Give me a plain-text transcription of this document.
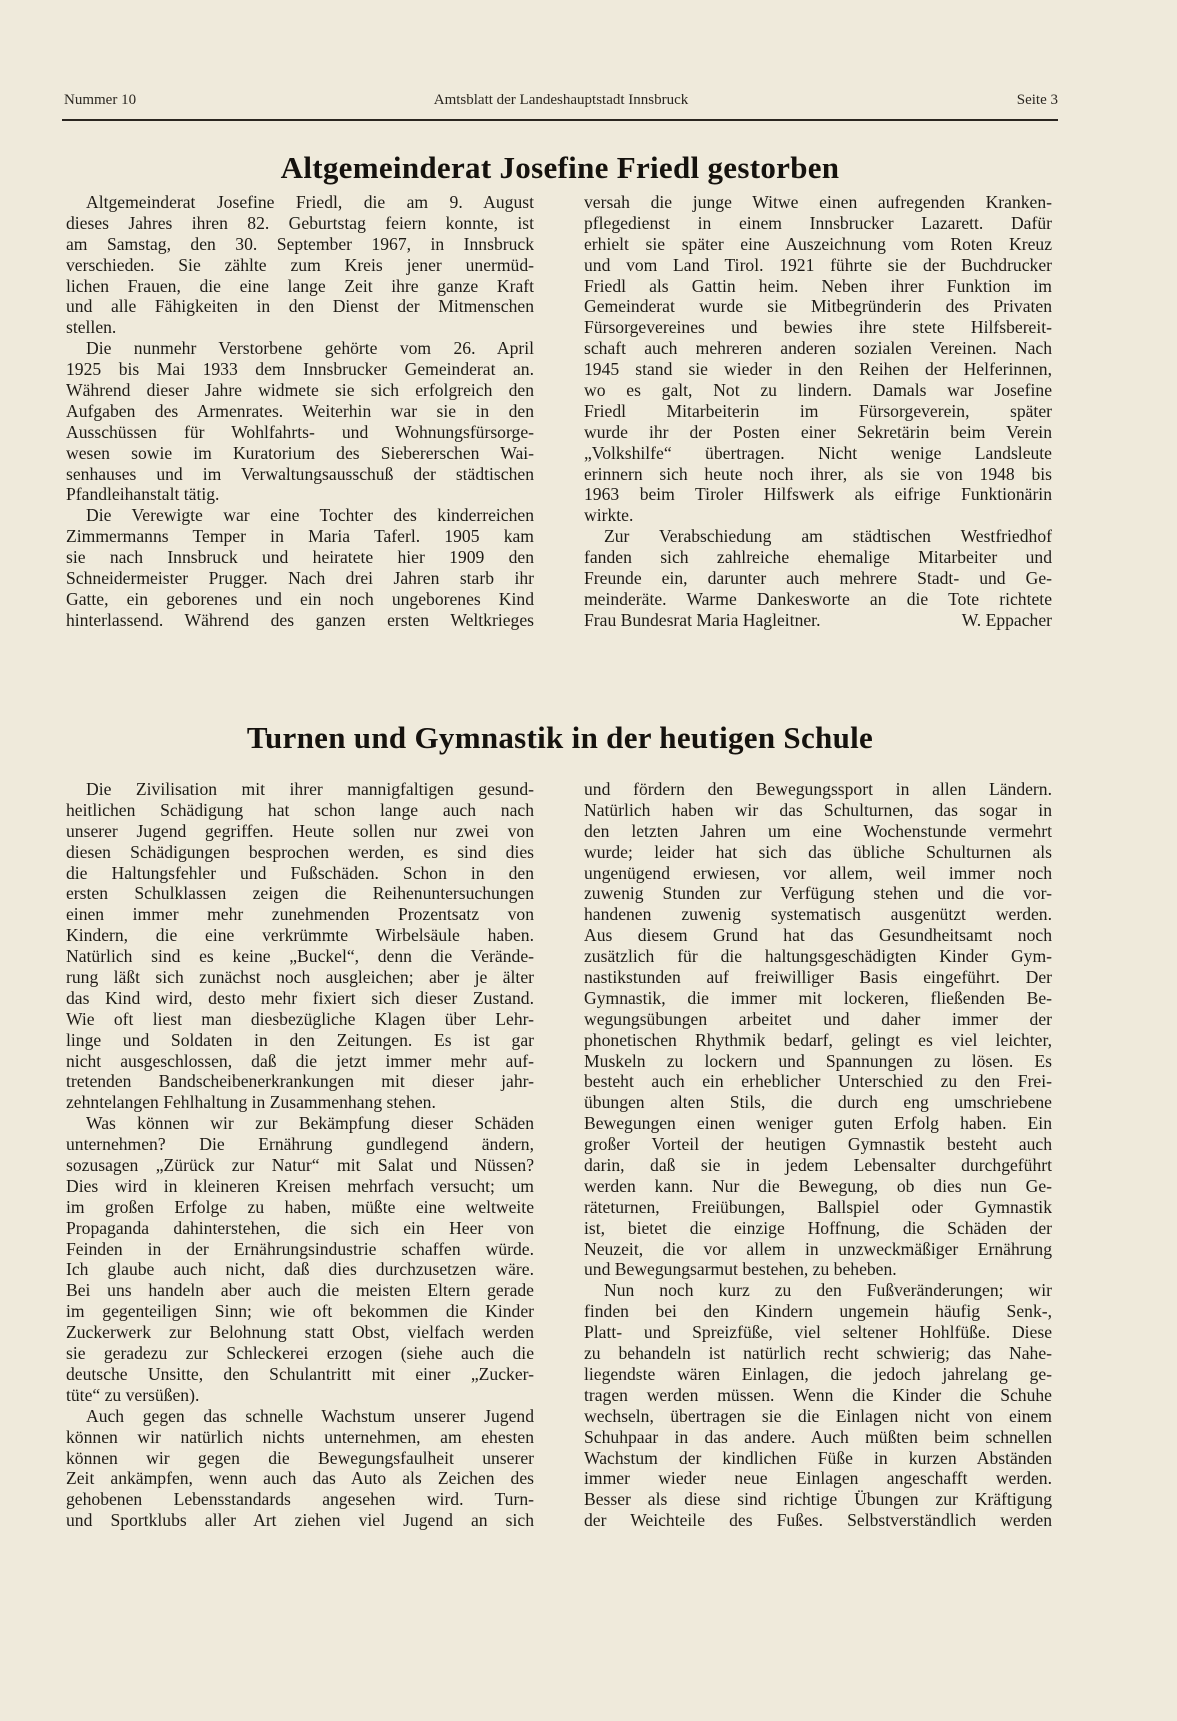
Nummer 10	Amtsblatt der Landeshauptstadt Innsbruck	Seite 3
Altgemeinderat Josefine Friedl gestorben
Altgemeinderat Josefine Friedl, die am 9. August
dieses Jahres ihren 82. Geburtstag feiern konnte, ist
am Samstag, den 30. September 1967, in Innsbruck
verschieden. Sie zählte zum Kreis jener unermüd-
lichen Frauen, die eine lange Zeit ihre ganze Kraft
und alle Fähigkeiten in den Dienst der Mitmenschen
stellen.
Die nunmehr Verstorbene gehörte vom 26. April
1925 bis Mai 1933 dem Innsbrucker Gemeinderat an.
Während dieser Jahre widmete sie sich erfolgreich den
Aufgaben des Armenrates. Weiterhin war sie in den
Ausschüssen für Wohlfahrts- und Wohnungsfürsorge-
wesen sowie im Kuratorium des Siebererschen Wai-
senhauses und im Verwaltungsausschuß der städtischen
Pfandleihanstalt tätig.
Die Verewigte war eine Tochter des kinderreichen
Zimmermanns Temper in Maria Taferl. 1905 kam
sie nach Innsbruck und heiratete hier 1909 den
Schneidermeister Prugger. Nach drei Jahren starb ihr
Gatte, ein geborenes und ein noch ungeborenes Kind
hinterlassend. Während des ganzen ersten Weltkrieges
versah die junge Witwe einen aufregenden Kranken-
pflegedienst in einem Innsbrucker Lazarett. Dafür
erhielt sie später eine Auszeichnung vom Roten Kreuz
und vom Land Tirol. 1921 führte sie der Buchdrucker
Friedl als Gattin heim. Neben ihrer Funktion im
Gemeinderat wurde sie Mitbegründerin des Privaten
Fürsorgevereines und bewies ihre stete Hilfsbereit-
schaft auch mehreren anderen sozialen Vereinen. Nach
1945 stand sie wieder in den Reihen der Helferinnen,
wo es galt, Not zu lindern. Damals war Josefine
Friedl Mitarbeiterin im Fürsorgeverein, später
wurde ihr der Posten einer Sekretärin beim Verein
„Volkshilfe“ übertragen. Nicht wenige Landsleute
erinnern sich heute noch ihrer, als sie von 1948 bis
1963 beim Tiroler Hilfswerk als eifrige Funktionärin
wirkte.
Zur Verabschiedung am städtischen Westfriedhof
fanden sich zahlreiche ehemalige Mitarbeiter und
Freunde ein, darunter auch mehrere Stadt- und Ge-
meinderäte. Warme Dankesworte an die Tote richtete
Frau Bundesrat Maria Hagleitner.	W. Eppacher
Turnen und Gymnastik in der heutigen Schule
Die Zivilisation mit ihrer mannigfaltigen gesund-
heitlichen Schädigung hat schon lange auch nach
unserer Jugend gegriffen. Heute sollen nur zwei von
diesen Schädigungen besprochen werden, es sind dies
die Haltungsfehler und Fußschäden. Schon in den
ersten Schulklassen zeigen die Reihenuntersuchungen
einen immer mehr zunehmenden Prozentsatz von
Kindern, die eine verkrümmte Wirbelsäule haben.
Natürlich sind es keine „Buckel“, denn die Verände-
rung läßt sich zunächst noch ausgleichen; aber je älter
das Kind wird, desto mehr fixiert sich dieser Zustand.
Wie oft liest man diesbezügliche Klagen über Lehr-
linge und Soldaten in den Zeitungen. Es ist gar
nicht ausgeschlossen, daß die jetzt immer mehr auf-
tretenden Bandscheibenerkrankungen mit dieser jahr-
zehntelangen Fehlhaltung in Zusammenhang stehen.
Was können wir zur Bekämpfung dieser Schäden
unternehmen? Die Ernährung gundlegend ändern,
sozusagen „Zürück zur Natur“ mit Salat und Nüssen?
Dies wird in kleineren Kreisen mehrfach versucht; um
im großen Erfolge zu haben, müßte eine weltweite
Propaganda dahinterstehen, die sich ein Heer von
Feinden in der Ernährungsindustrie schaffen würde.
Ich glaube auch nicht, daß dies durchzusetzen wäre.
Bei uns handeln aber auch die meisten Eltern gerade
im gegenteiligen Sinn; wie oft bekommen die Kinder
Zuckerwerk zur Belohnung statt Obst, vielfach werden
sie geradezu zur Schleckerei erzogen (siehe auch die
deutsche Unsitte, den Schulantritt mit einer „Zucker-
tüte“ zu versüßen).
Auch gegen das schnelle Wachstum unserer Jugend
können wir natürlich nichts unternehmen, am ehesten
können wir gegen die Bewegungsfaulheit unserer
Zeit ankämpfen, wenn auch das Auto als Zeichen des
gehobenen Lebensstandards angesehen wird. Turn-
und Sportklubs aller Art ziehen viel Jugend an sich
und fördern den Bewegungssport in allen Ländern.
Natürlich haben wir das Schulturnen, das sogar in
den letzten Jahren um eine Wochenstunde vermehrt
wurde; leider hat sich das übliche Schulturnen als
ungenügend erwiesen, vor allem, weil immer noch
zuwenig Stunden zur Verfügung stehen und die vor-
handenen zuwenig systematisch ausgenützt werden.
Aus diesem Grund hat das Gesundheitsamt noch
zusätzlich für die haltungsgeschädigten Kinder Gym-
nastikstunden auf freiwilliger Basis eingeführt. Der
Gymnastik, die immer mit lockeren, fließenden Be-
wegungsübungen arbeitet und daher immer der
phonetischen Rhythmik bedarf, gelingt es viel leichter,
Muskeln zu lockern und Spannungen zu lösen. Es
besteht auch ein erheblicher Unterschied zu den Frei-
übungen alten Stils, die durch eng umschriebene
Bewegungen einen weniger guten Erfolg haben. Ein
großer Vorteil der heutigen Gymnastik besteht auch
darin, daß sie in jedem Lebensalter durchgeführt
werden kann. Nur die Bewegung, ob dies nun Ge-
räteturnen, Freiübungen, Ballspiel oder Gymnastik
ist, bietet die einzige Hoffnung, die Schäden der
Neuzeit, die vor allem in unzweckmäßiger Ernährung
und Bewegungsarmut bestehen, zu beheben.
Nun noch kurz zu den Fußveränderungen; wir
finden bei den Kindern ungemein häufig Senk-,
Platt- und Spreizfüße, viel seltener Hohlfüße. Diese
zu behandeln ist natürlich recht schwierig; das Nahe-
liegendste wären Einlagen, die jedoch jahrelang ge-
tragen werden müssen. Wenn die Kinder die Schuhe
wechseln, übertragen sie die Einlagen nicht von einem
Schuhpaar in das andere. Auch müßten beim schnellen
Wachstum der kindlichen Füße in kurzen Abständen
immer wieder neue Einlagen angeschafft werden.
Besser als diese sind richtige Übungen zur Kräftigung
der Weichteile des Fußes. Selbstverständlich werden
